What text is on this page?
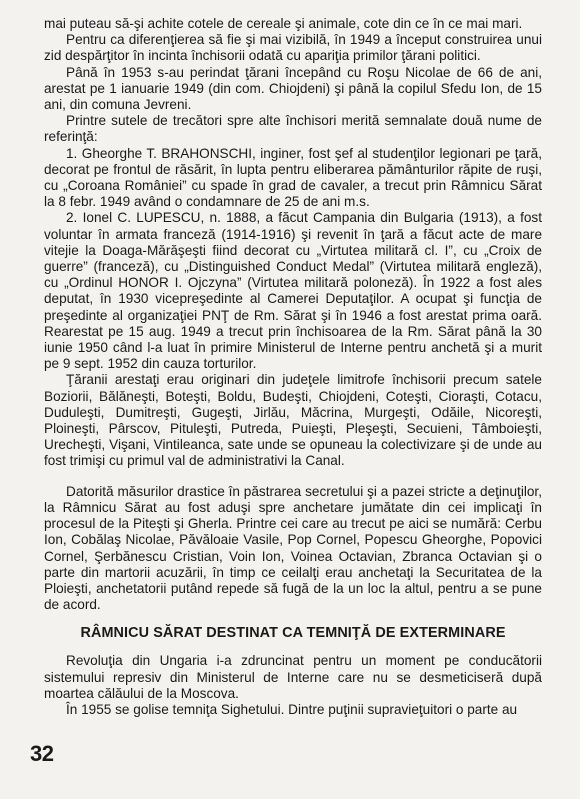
mai puteau să-şi achite cotele de cereale şi animale, cote din ce în ce mai mari.

Pentru ca diferenţierea să fie şi mai vizibilă, în 1949 a început construirea unui zid despărţitor în incinta închisorii odată cu apariţia primilor ţărani politici.

Până în 1953 s-au perindat ţărani începând cu Roşu Nicolae de 66 de ani, arestat pe 1 ianuarie 1949 (din com. Chiojdeni) şi până la copilul Sfedu Ion, de 15 ani, din comuna Jevreni.

Printre sutele de trecători spre alte închisori merită semnalate două nume de referinţă:

1. Gheorghe T. BRAHONSCHI, inginer, fost şef al studenţilor legionari pe ţară, decorat pe frontul de răsărit, în lupta pentru eliberarea pământurilor răpite de ruşi, cu „Coroana României” cu spade în grad de cavaler, a trecut prin Râmnicu Sărat la 8 febr. 1949 având o condamnare de 25 de ani m.s.

2. Ionel C. LUPESCU, n. 1888, a făcut Campania din Bulgaria (1913), a fost voluntar în armata franceză (1914-1916) şi revenit în ţară a făcut acte de mare vitejie la Doaga-Mărăşeşti fiind decorat cu „Virtutea militară cl. I”, cu „Croix de guerre” (franceză), cu „Distinguished Conduct Medal” (Virtutea militară engleză), cu „Ordinul HONOR I. Ojczyna” (Virtutea militară poloneză). În 1922 a fost ales deputat, în 1930 vicepreşedinte al Camerei Deputaţilor. A ocupat şi funcţia de preşedinte al organizaţiei PNŢ de Rm. Sărat şi în 1946 a fost arestat prima oară. Rearestat pe 15 aug. 1949 a trecut prin închisoarea de la Rm. Sărat până la 30 iunie 1950 când l-a luat în primire Ministerul de Interne pentru anchetă şi a murit pe 9 sept. 1952 din cauza torturilor.

Ţăranii arestaţi erau originari din judeţele limitrofe închisorii precum satele Boziorii, Bălăneşti, Boteşti, Boldu, Budeşti, Chiojdeni, Coteşti, Cioraşti, Cotacu, Duduleşti, Dumitreşti, Gugeşti, Jirlău, Măcrina, Murgeşti, Odăile, Nicoreşti, Ploineşti, Pârscov, Pituleşti, Putreda, Puieşti, Pleşeşti, Secuieni, Tâmboieşti, Urecheşti, Vişani, Vintileanca, sate unde se opuneau la colectivizare şi de unde au fost trimişi cu primul val de administrativi la Canal.

Datorită măsurilor drastice în păstrarea secretului şi a pazei stricte a deţinuţilor, la Râmnicu Sărat au fost aduşi spre anchetare jumătate din cei implicaţi în procesul de la Piteşti şi Gherla. Printre cei care au trecut pe aici se numără: Cerbu Ion, Cobălaş Nicolae, Păvăloaie Vasile, Pop Cornel, Popescu Gheorghe, Popovici Cornel, Şerbănescu Cristian, Voin Ion, Voinea Octavian, Zbranca Octavian şi o parte din martorii acuzării, în timp ce ceilalţi erau anchetaţi la Securitatea de la Ploieşti, anchetatorii putând repede să fugă de la un loc la altul, pentru a se pune de acord.

RÂMNICU SĂRAT DESTINAT CA TEMNIŢĂ DE EXTERMINARE

Revoluţia din Ungaria i-a zdruncinat pentru un moment pe conducătorii sistemului represiv din Ministerul de Interne care nu se desmeticiseră după moartea călăului de la Moscova.

În 1955 se golise temniţa Sighetului. Dintre puţinii supravieţuitori o parte au

32
